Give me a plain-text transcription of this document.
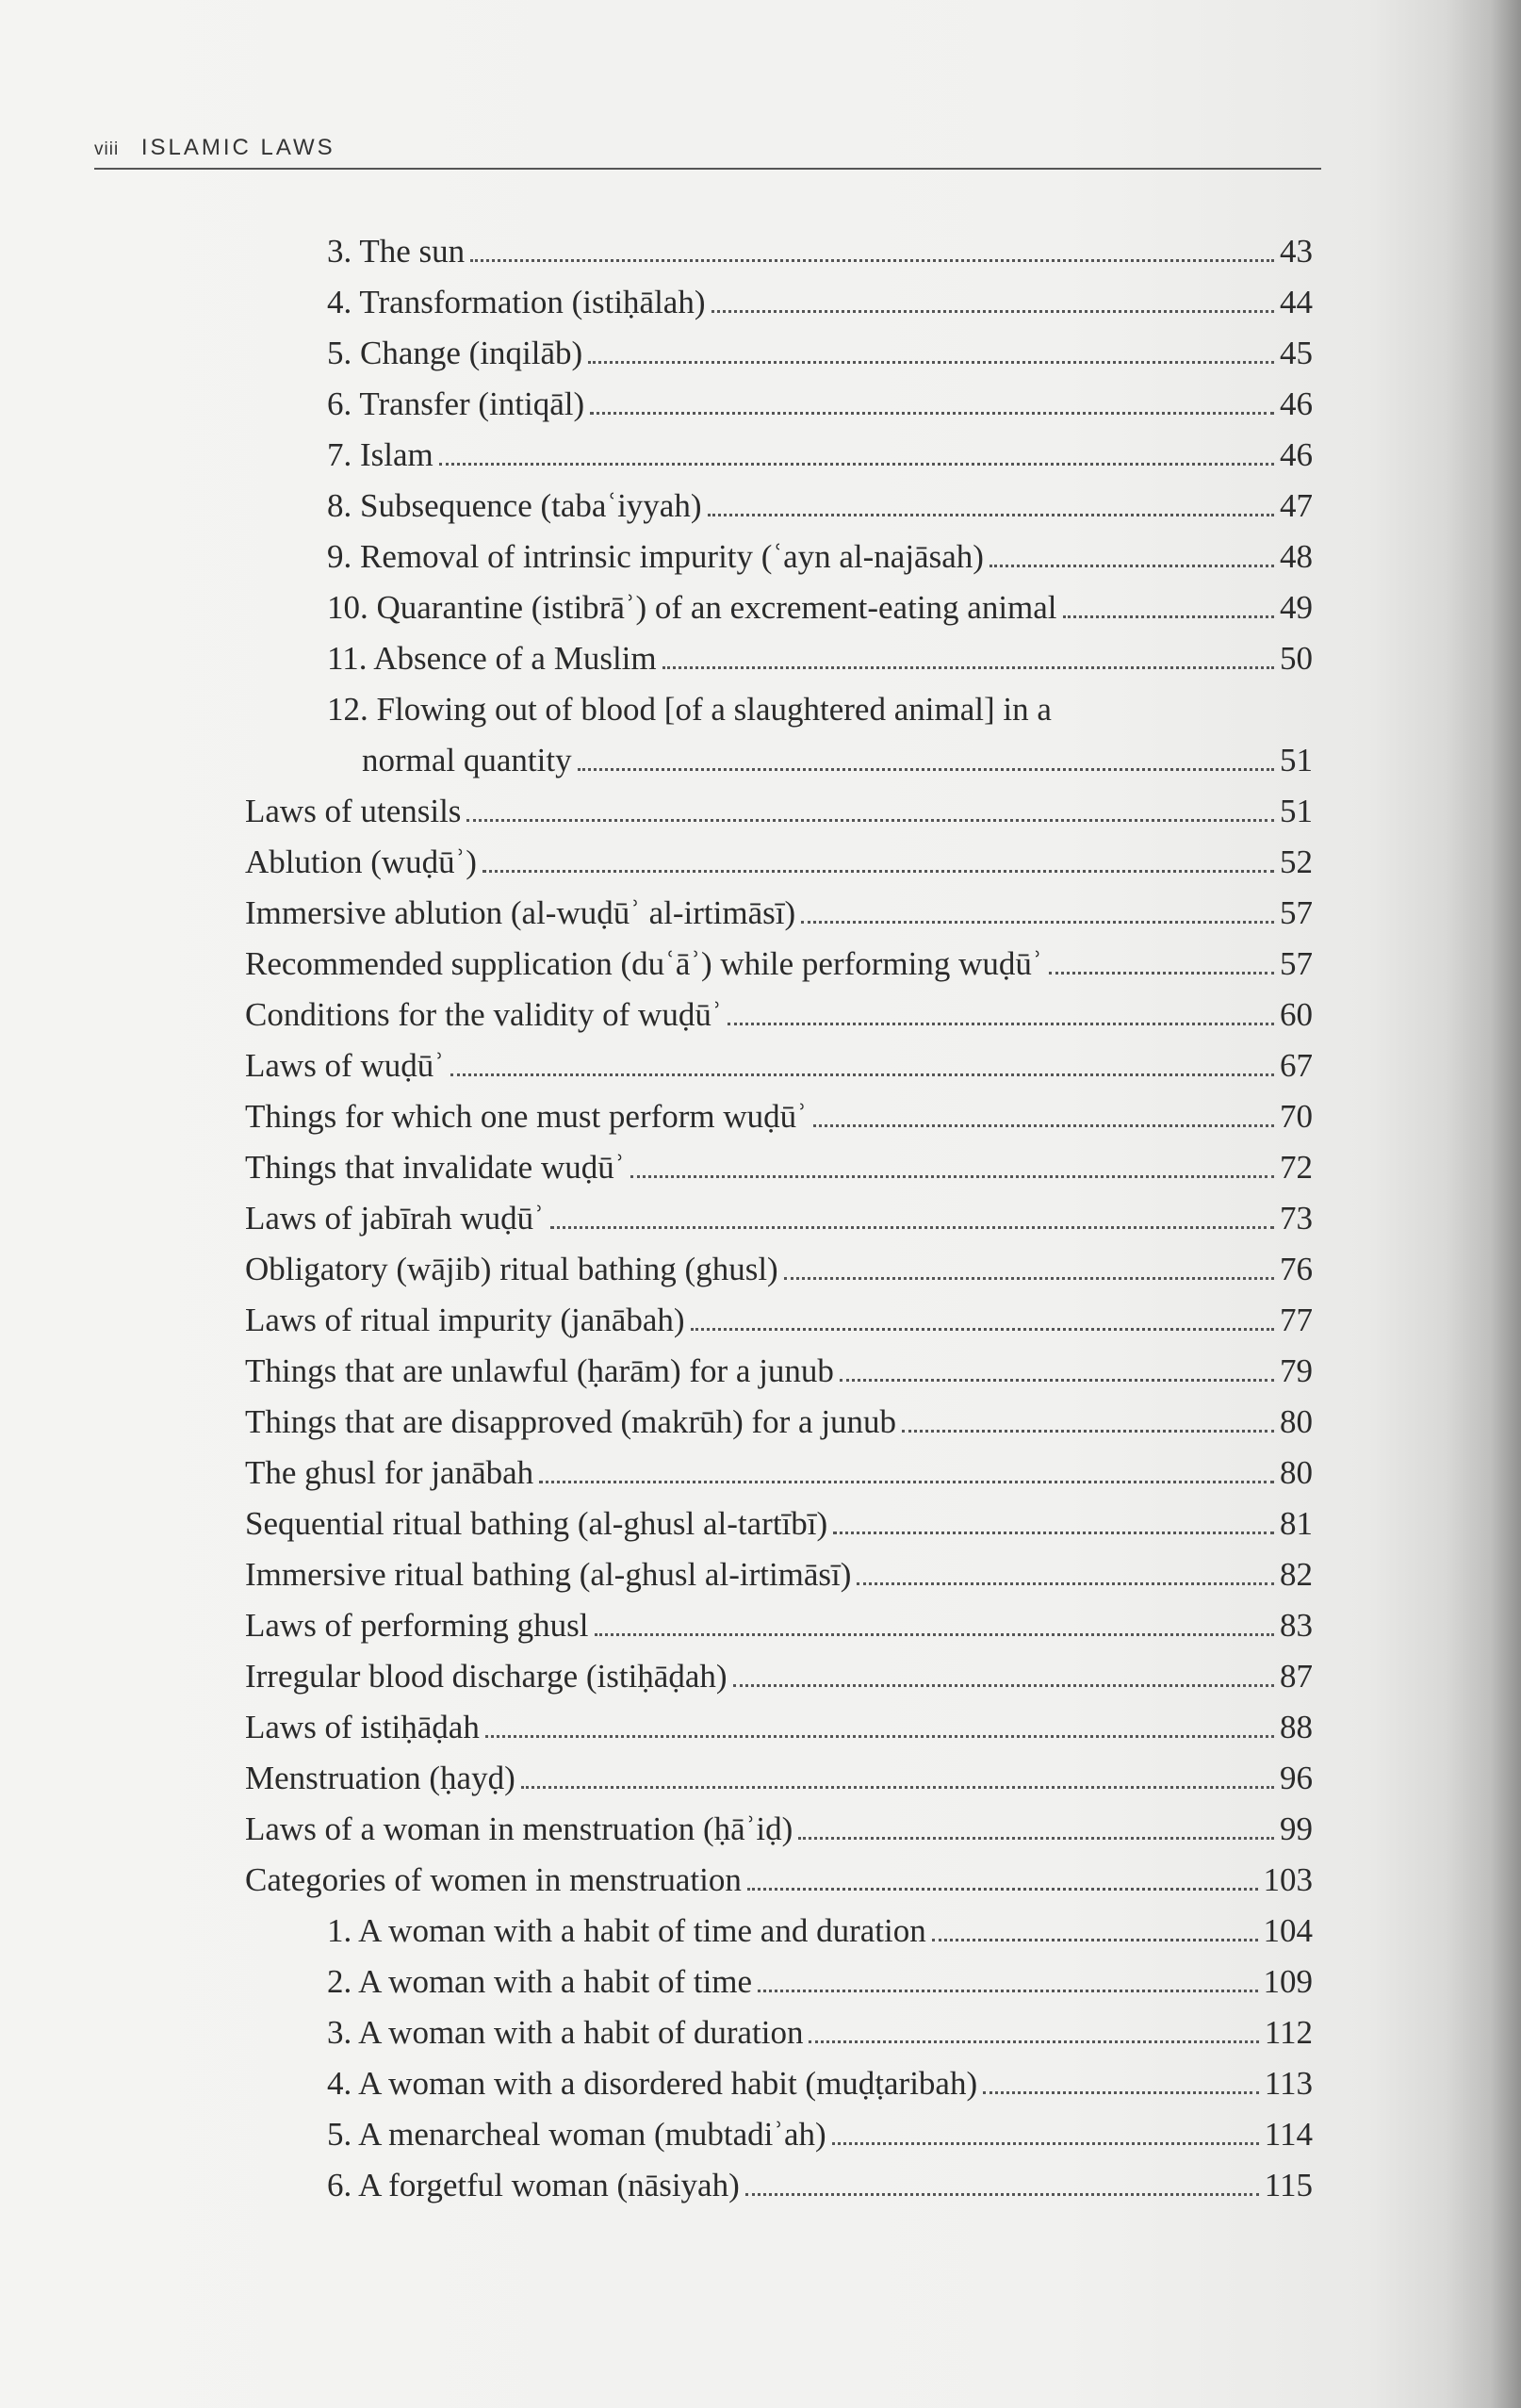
viii ISLAMIC LAWS
3. The sun	43
4. Transformation (istiḥālah)	44
5. Change (inqilāb)	45
6. Transfer (intiqāl)	46
7. Islam	46
8. Subsequence (tabaʿiyyah)	47
9. Removal of intrinsic impurity (ʿayn al-najāsah)	48
10. Quarantine (istibrāʾ) of an excrement-eating animal	49
11. Absence of a Muslim	50
12. Flowing out of blood [of a slaughtered animal] in a
normal quantity	51
Laws of utensils	51
Ablution (wuḍūʾ)	52
Immersive ablution (al-wuḍūʾ al-irtimāsī)	57
Recommended supplication (duʿāʾ) while performing wuḍūʾ	57
Conditions for the validity of wuḍūʾ	60
Laws of wuḍūʾ	67
Things for which one must perform wuḍūʾ	70
Things that invalidate wuḍūʾ	72
Laws of jabīrah wuḍūʾ	73
Obligatory (wājib) ritual bathing (ghusl)	76
Laws of ritual impurity (janābah)	77
Things that are unlawful (ḥarām) for a junub	79
Things that are disapproved (makrūh) for a junub	80
The ghusl for janābah	80
Sequential ritual bathing (al-ghusl al-tartībī)	81
Immersive ritual bathing (al-ghusl al-irtimāsī)	82
Laws of performing ghusl	83
Irregular blood discharge (istiḥāḍah)	87
Laws of istiḥāḍah	88
Menstruation (ḥayḍ)	96
Laws of a woman in menstruation (ḥāʾiḍ)	99
Categories of women in menstruation	103
1. A woman with a habit of time and duration	104
2. A woman with a habit of time	109
3. A woman with a habit of duration	112
4. A woman with a disordered habit (muḍṭaribah)	113
5. A menarcheal woman (mubtadiʾah)	114
6. A forgetful woman (nāsiyah)	115
